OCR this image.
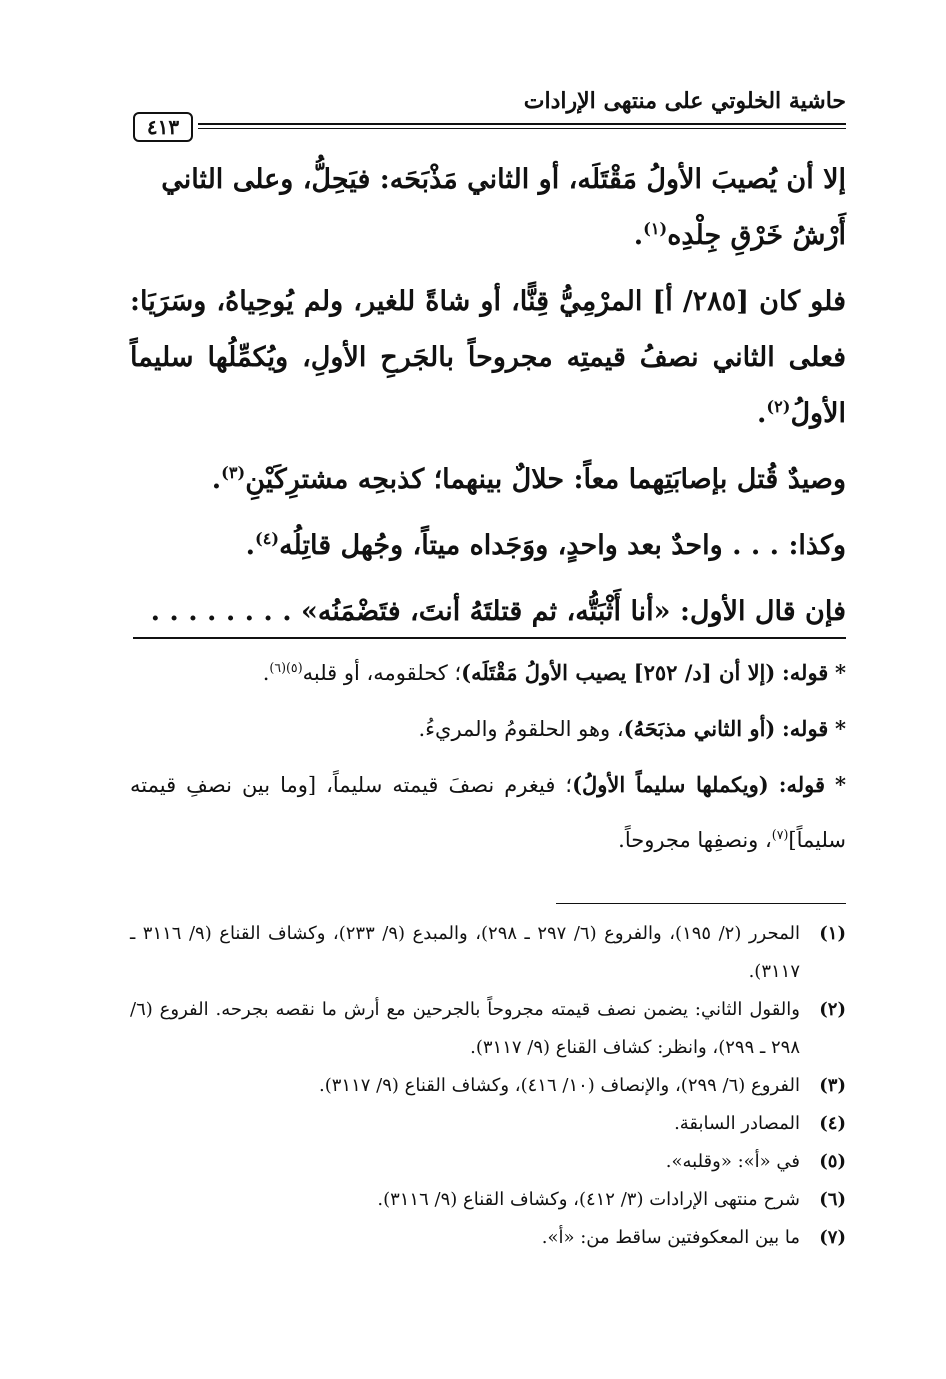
حاشية الخلوتي على منتهى الإرادات
٤١٣

إلا أن يُصيبَ الأولُ مَقْتَلَه، أو الثاني مَذْبَحَه: فيَحِلُّ، وعلى الثاني
أَرْشُ خَرْقِ جِلْدِه$^{(١)}$.

فلو كان [٢٨٥/ أ] المرْمِيُّ قِنًّا، أو شاةً للغير، ولم يُوحِياهُ، وسَرَيَا: فعلى الثاني نصفُ قيمتِه مجروحاً بالجَرحِ الأولِ، ويُكمِّلُها سليماً الأولُ$^{(٢)}$.

وصيدٌ قُتل بإصابَتِهما معاً: حلالٌ بينهما؛ كذبحِه مشترِكَيْنِ$^{(٣)}$.

وكذا: . . . واحدٌ بعد واحدٍ، ووَجَداه ميتاً، وجُهل قاتِلُه$^{(٤)}$.

فإن قال الأول: «أنا أَثْبَتُّه، ثم قتلتَهُ أنتَ، فتَضْمَنُه» . . . . . . . .

* قوله: (إلا أن [د/ ٢٥٢] يصيب الأولُ مَقْتَلَه)؛ كحلقومه، أو قلبه$^{(٥)(٦)}$.

* قوله: (أو الثاني مذبَحَهُ)، وهو الحلقومُ والمريءُ.

* قوله: (ويكملها سليماً الأولُ)؛ فيغرم نصفَ قيمته سليماً، [وما بين نصفِ قيمته سليماً]$^{(٧)}$، ونصفِها مجروحاً.

(١)
المحرر (٢/ ١٩٥)، والفروع (٦/ ٢٩٧ ـ ٢٩٨)، والمبدع (٩/ ٢٣٣)، وكشاف القناع (٩/ ٣١١٦ ـ ٣١١٧).
(٢)
والقول الثاني: يضمن نصف قيمته مجروحاً بالجرحين مع أرش ما نقصه بجرحه. الفروع (٦/ ٢٩٨ ـ ٢٩٩)، وانظر: كشاف القناع (٩/ ٣١١٧).
(٣)
الفروع (٦/ ٢٩٩)، والإنصاف (١٠/ ٤١٦)، وكشاف القناع (٩/ ٣١١٧).
(٤)
المصادر السابقة.
(٥)
في «أ»: «وقلبه».
(٦)
شرح منتهى الإرادات (٣/ ٤١٢)، وكشاف القناع (٩/ ٣١١٦).
(٧)
ما بين المعكوفتين ساقط من: «أ».
